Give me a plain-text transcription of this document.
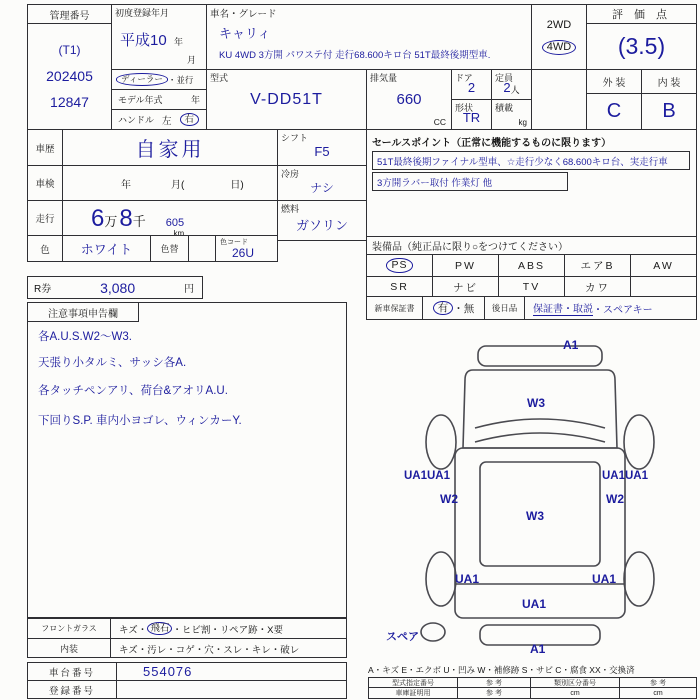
管理番号
(T1)
202405
12847
初度登録年月
平成10 年
月
車名・グレード
キャリィ
KU 4WD 3方開 パワステ付 走行68.600キロ台 51T最終後期型車.
2WD
4WD
評 価 点
(3.5)
外 装	内 装
C B
ディーラー ・並行
モデル年式	年
ハンドル 左	右
型式
V-DD51T
排気量
660
CC
ドア
2
形状
TR
定員
2 人
積載
kg
車歴	自家用
車検	年	月(	日)
走行 6 万 8 千 605
km
色 ホワイト	色替
色コード
26U
R券	3,080	円
シフト
F5
冷房
ナシ
燃料
ガソリン
セールスポイント（正常に機能するものに限ります）
51T最終後期ファイナル型車、☆走行少なく68.600キロ台、実走行車
3方開ラバー取付 作業灯 他
装備品（純正品に限り○をつけてください）
PS	PW	ABS	エアB	AW
SR	ナビ	TV	カワ
新車保証書	有 ・ 無 後日品 保証書・取説 ・スペアキー
注意事項申告欄
各A.U.S.W2〜W3.
天張り小タルミ、サッシ各A.
各タッチペンアリ、荷台&アオリA.U.
下回りS.P. 車内小ヨゴレ、ウィンカーY.
フロントガラス キズ・ 飛石 ・ヒビ割・リペア跡・X要
内装	キズ・汚レ・コゲ・穴・スレ・キレ・破レ
車台番号	554076
登録番号
A1
W3
UA1UA1
W2
W3
UA1UA1
W2
UA1	UA1
UA1
A1
スペア
A・キズ E・エクボ U・凹み W・補修跡 S・サビ C・腐食 XX・交換済
型式指定番号	参 考	類別区分番号	参 考
車庫証明用	参 考	cm	cm
